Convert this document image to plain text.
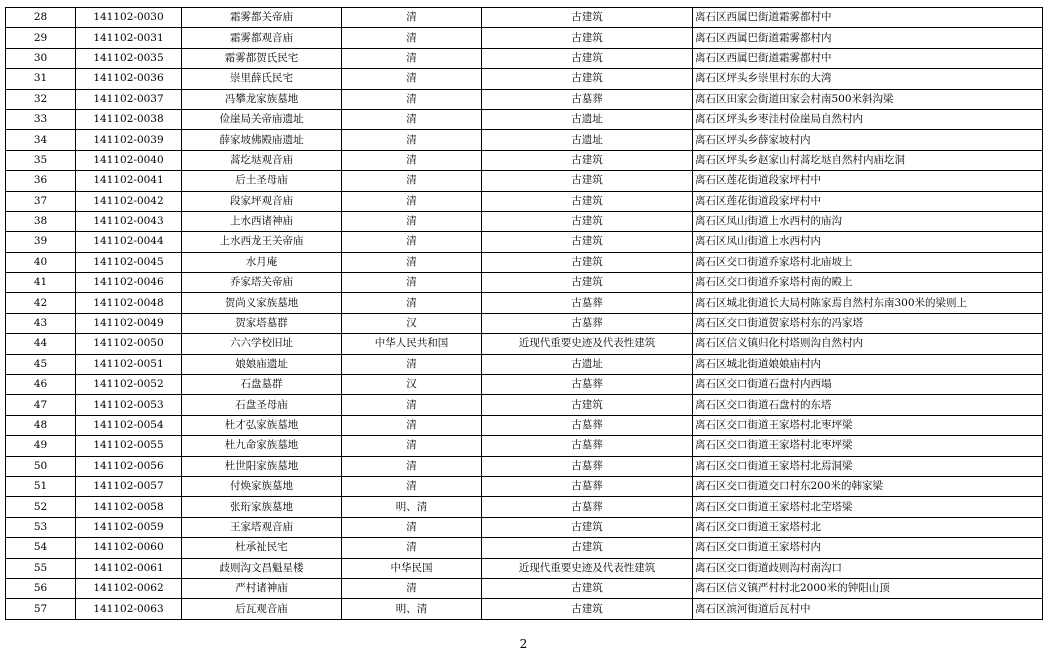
28	141102-0030	霜雾都关帝庙	清	古建筑	离石区西属巴街道霜雾都村中
29	141102-0031	霜雾都观音庙	清	古建筑	离石区西属巴街道霜雾都村内
30	141102-0035	霜雾都贺氏民宅	清	古建筑	离石区西属巴街道霜雾都村中
31	141102-0036	崇里薛氏民宅	清	古建筑	离石区坪头乡崇里村东的大湾
32	141102-0037	冯攀龙家族墓地	清	古墓葬	离石区田家会街道田家会村南500米斜沟梁
33	141102-0038	俭崖局关帝庙遗址	清	古遗址	离石区坪头乡枣洼村俭崖局自然村内
34	141102-0039	薛家坡佛殿庙遗址	清	古遗址	离石区坪头乡薛家坡村内
35	141102-0040	蒿圪垯观音庙	清	古建筑	离石区坪头乡赵家山村蒿圪垯自然村内庙圪洞
36	141102-0041	后土圣母庙	清	古建筑	离石区莲花街道段家坪村中
37	141102-0042	段家坪观音庙	清	古建筑	离石区莲花街道段家坪村中
38	141102-0043	上水西诸神庙	清	古建筑	离石区凤山街道上水西村的庙沟
39	141102-0044	上水西龙王关帝庙	清	古建筑	离石区凤山街道上水西村内
40	141102-0045	水月庵	清	古建筑	离石区交口街道乔家塔村北庙坡上
41	141102-0046	乔家塔关帝庙	清	古建筑	离石区交口街道乔家塔村南的殿上
42	141102-0048	贺尚义家族墓地	清	古墓葬	离石区城北街道长大局村陈家焉自然村东南300米的梁则上
43	141102-0049	贺家塔墓群	汉	古墓葬	离石区交口街道贺家塔村东的冯家塔
44	141102-0050	六六学校旧址	中华人民共和国	近现代重要史迹及代表性建筑	离石区信义镇归化村塔则沟自然村内
45	141102-0051	娘娘庙遗址	清	古遗址	离石区城北街道娘娘庙村内
46	141102-0052	石盘墓群	汉	古墓葬	离石区交口街道石盘村内西塌
47	141102-0053	石盘圣母庙	清	古建筑	离石区交口街道石盘村的东塔
48	141102-0054	杜才弘家族墓地	清	古墓葬	离石区交口街道王家塔村北枣坪梁
49	141102-0055	杜九命家族墓地	清	古墓葬	离石区交口街道王家塔村北枣坪梁
50	141102-0056	杜世阳家族墓地	清	古墓葬	离石区交口街道王家塔村北焉洞梁
51	141102-0057	付焕家族墓地	清	古墓葬	离石区交口街道交口村东200米的韩家梁
52	141102-0058	张珩家族墓地	明、清	古墓葬	离石区交口街道王家塔村北茔塔梁
53	141102-0059	王家塔观音庙	清	古建筑	离石区交口街道王家塔村北
54	141102-0060	杜承祉民宅	清	古建筑	离石区交口街道王家塔村内
55	141102-0061	歧则沟文昌魁星楼	中华民国	近现代重要史迹及代表性建筑	离石区交口街道歧则沟村南沟口
56	141102-0062	严村诸神庙	清	古建筑	离石区信义镇严村村北2000米的钟阳山顶
57	141102-0063	后瓦观音庙	明、清	古建筑	离石区滨河街道后瓦村中
2
